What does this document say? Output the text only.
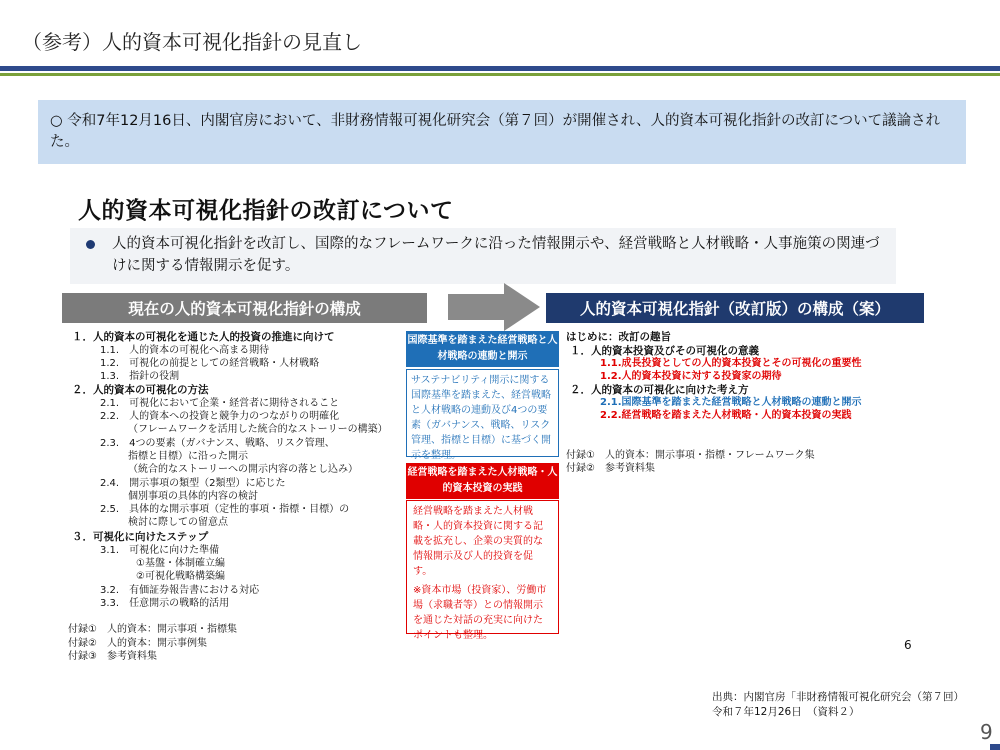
（参考）人的資本可視化指針の見直し
○ 令和7年12月16日、内閣官房において、非財務情報可視化研究会（第７回）が開催され、人的資本可視化指針の改訂について議論された。
人的資本可視化指針の改訂について
人的資本可視化指針を改訂し、国際的なフレームワークに沿った情報開示や、経営戦略と人材戦略・人事施策の関連づけに関する情報開示を促す。
現在の人的資本可視化指針の構成	人的資本可視化指針（改訂版）の構成（案）
１．人的資本の可視化を通じた人的投資の推進に向けて
1.1.　人的資本の可視化へ高まる期待
1.2.　可視化の前提としての経営戦略・人材戦略
1.3.　指針の役割
２．人的資本の可視化の方法
2.1.　可視化において企業・経営者に期待されること
2.2.　人的資本への投資と競争力のつながりの明確化
（フレームワークを活用した統合的なストーリーの構築）
2.3.　4つの要素（ガバナンス、戦略、リスク管理、
指標と目標）に沿った開示
（統合的なストーリーへの開示内容の落とし込み）
2.4.　開示事項の類型（2類型）に応じた
個別事項の具体的内容の検討
2.5.　具体的な開示事項（定性的事項・指標・目標）の
検討に際しての留意点
３．可視化に向けたステップ
3.1.　可視化に向けた準備
①基盤・体制確立編
②可視化戦略構築編
3.2.　有価証券報告書における対応
3.3.　任意開示の戦略的活用
付録①　人的資本：開示事項・指標集
付録②　人的資本：開示事例集
付録③　参考資料集
国際基準を踏まえた経営戦略と人材戦略の連動と開示
サステナビリティ開示に関する国際基準を踏まえた、経営戦略と人材戦略の連動及び4つの要素（ガバナンス、戦略、リスク管理、指標と目標）に基づく開示を整理。
経営戦略を踏まえた人材戦略・人的資本投資の実践
経営戦略を踏まえた人材戦略・人的資本投資に関する記載を拡充し、企業の実質的な情報開示及び人的投資を促す。
※資本市場（投資家）、労働市場（求職者等）との情報開示を通じた対話の充実に向けたポイントも整理。
はじめに：改訂の趣旨
１．人的資本投資及びその可視化の意義
1.1.成長投資としての人的資本投資とその可視化の重要性
1.2.人的資本投資に対する投資家の期待
２．人的資本の可視化に向けた考え方
2.1.国際基準を踏まえた経営戦略と人材戦略の連動と開示
2.2.経営戦略を踏まえた人材戦略・人的資本投資の実践
付録①　人的資本：開示事項・指標・フレームワーク集
付録②　参考資料集
6
出典：内閣官房「非財務情報可視化研究会（第７回）
令和７年12月26日　（資料２）
9
